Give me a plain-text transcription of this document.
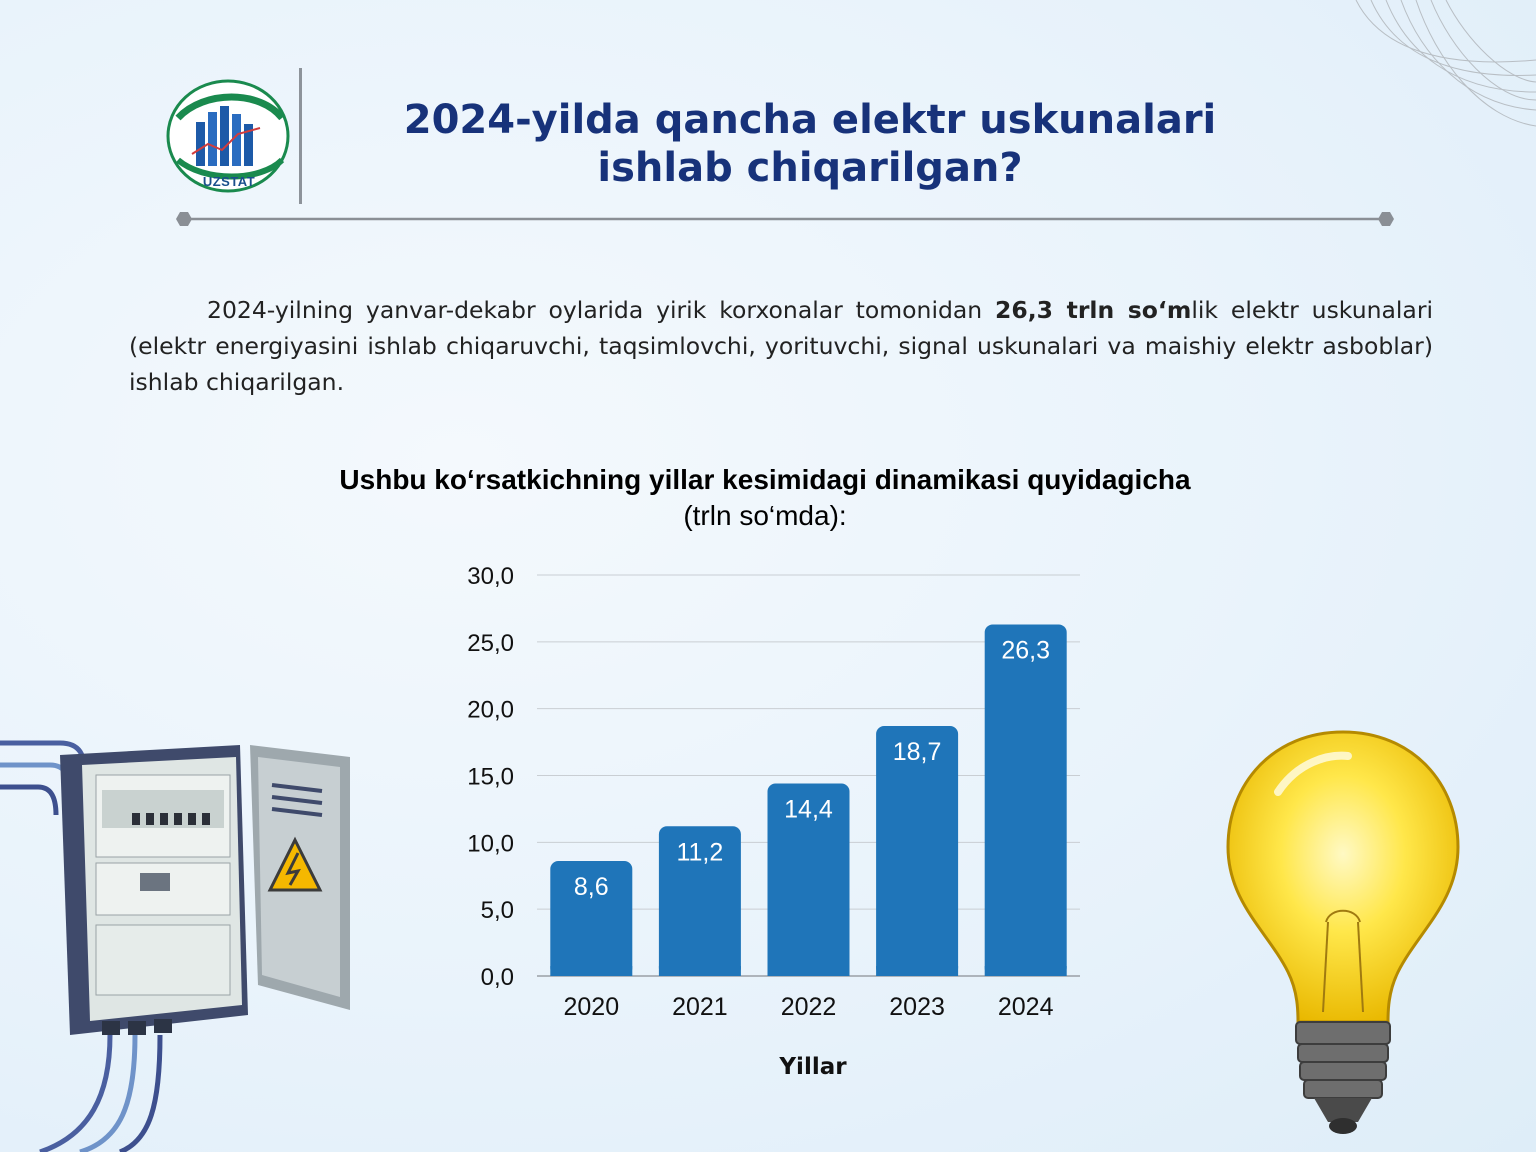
UZSTAT
2024-yilda qancha elektr uskunalari
ishlab chiqarilgan?

2024-yilning yanvar-dekabr oylarida yirik korxonalar tomonidan 26,3 trln so‘mlik elektr uskunalari (elektr energiyasini ishlab chiqaruvchi, taqsimlovchi, yorituvchi, signal uskunalari va maishiy elektr asboblar) ishlab chiqarilgan.

Ushbu ko‘rsatkichning yillar kesimidagi dinamikasi quyidagicha (trln so‘mda):
0,0
5,0
10,0
15,0
20,0
25,0
30,0
8,6
2020
11,2
2021
14,4
2022
18,7
2023
26,3
2024
Yillar
